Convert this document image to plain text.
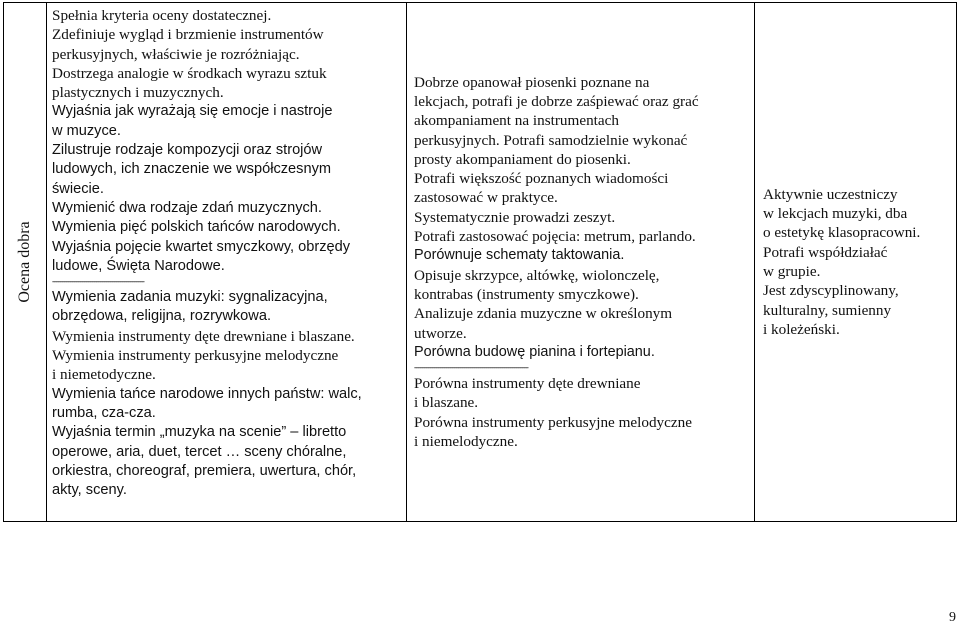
Ocena dobra
Spełnia kryteria oceny dostatecznej.
Zdefiniuje wygląd i brzmienie instrumentów
perkusyjnych, właściwie je rozróżniając.
Dostrzega analogie w środkach wyrazu sztuk
plastycznych i muzycznych.
Wyjaśnia jak wyrażają się emocje i nastroje
w muzyce.
Zilustruje rodzaje kompozycji oraz strojów
ludowych, ich znaczenie we współczesnym
świecie.
Wymienić dwa rodzaje zdań muzycznych.
Wymienia pięć polskich tańców narodowych.
Wyjaśnia pojęcie kwartet smyczkowy, obrzędy
ludowe, Święta Narodowe.
----------------------------------------------
Wymienia zadania muzyki: sygnalizacyjna,
obrzędowa, religijna, rozrywkowa.
Wymienia instrumenty dęte drewniane i blaszane.
Wymienia instrumenty perkusyjne melodyczne
i niemetodyczne.
Wymienia tańce narodowe innych państw: walc,
rumba, cza-cza.
Wyjaśnia termin „muzyka na scenie” – libretto
operowe, aria, duet, tercet … sceny chóralne,
orkiestra, choreograf, premiera, uwertura, chór,
akty, sceny.
Dobrze opanował piosenki poznane na
lekcjach, potrafi je dobrze zaśpiewać oraz grać
akompaniament na instrumentach
perkusyjnych. Potrafi samodzielnie wykonać
prosty akompaniament do piosenki.
Potrafi większość poznanych wiadomości
zastosować w praktyce.
Systematycznie prowadzi zeszyt.
Potrafi zastosować pojęcia: metrum, parlando.
Porównuje schematy taktowania.
Opisuje skrzypce, altówkę, wiolonczelę,
kontrabas (instrumenty smyczkowe).
Analizuje zdania muzyczne w określonym
utworze.
Porówna budowę pianina i fortepianu.
---------------------------------------------------------
Porówna instrumenty dęte drewniane
i blaszane.
Porówna instrumenty perkusyjne melodyczne
i niemelodyczne.
Aktywnie uczestniczy
w lekcjach muzyki, dba
o estetykę klasopracowni.
Potrafi współdziałać
w grupie.
Jest zdyscyplinowany,
kulturalny, sumienny
i koleżeński.
9
